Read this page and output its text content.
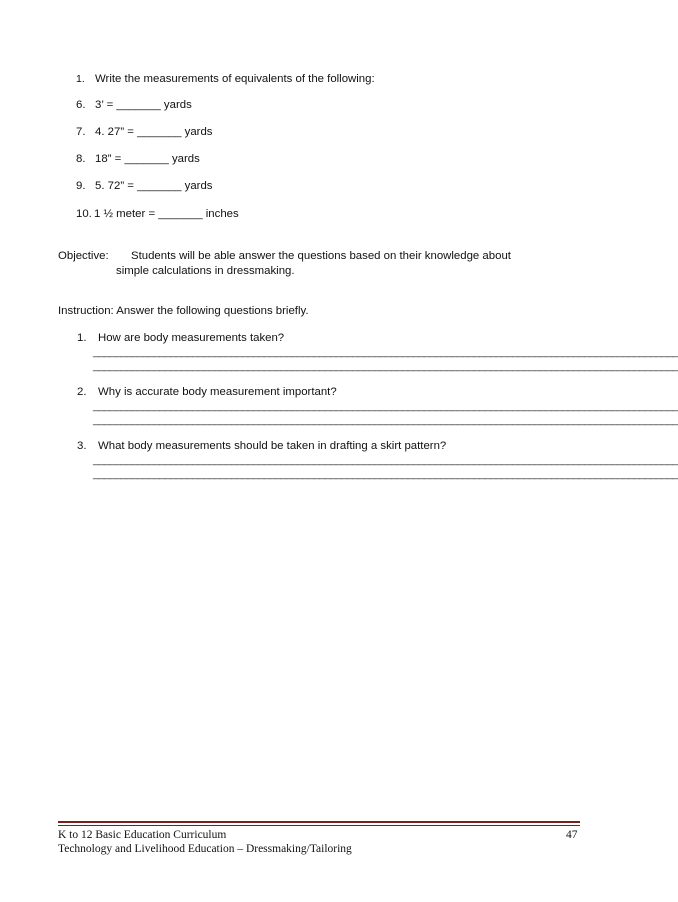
1. Write the measurements of equivalents of the following:
6. 3’ = _______ yards
7. 4. 27” = _______ yards
8. 18” = _______ yards
9. 5. 72” = _______ yards
10. 1 ½ meter = _______ inches
Objective: Students will be able answer the questions based on their knowledge about
simple calculations in dressmaking.
Instruction: Answer the following questions briefly.
1. How are body measurements taken?
__________________________________________________________________________________________________________
__________________________________________________________________________________________________________
2. Why is accurate body measurement important?
__________________________________________________________________________________________________________
__________________________________________________________________________________________________________
3. What body measurements should be taken in drafting a skirt pattern?
__________________________________________________________________________________________________________
__________________________________________________________________________________________________________
K to 12 Basic Education Curriculum	47
Technology and Livelihood Education – Dressmaking/Tailoring
